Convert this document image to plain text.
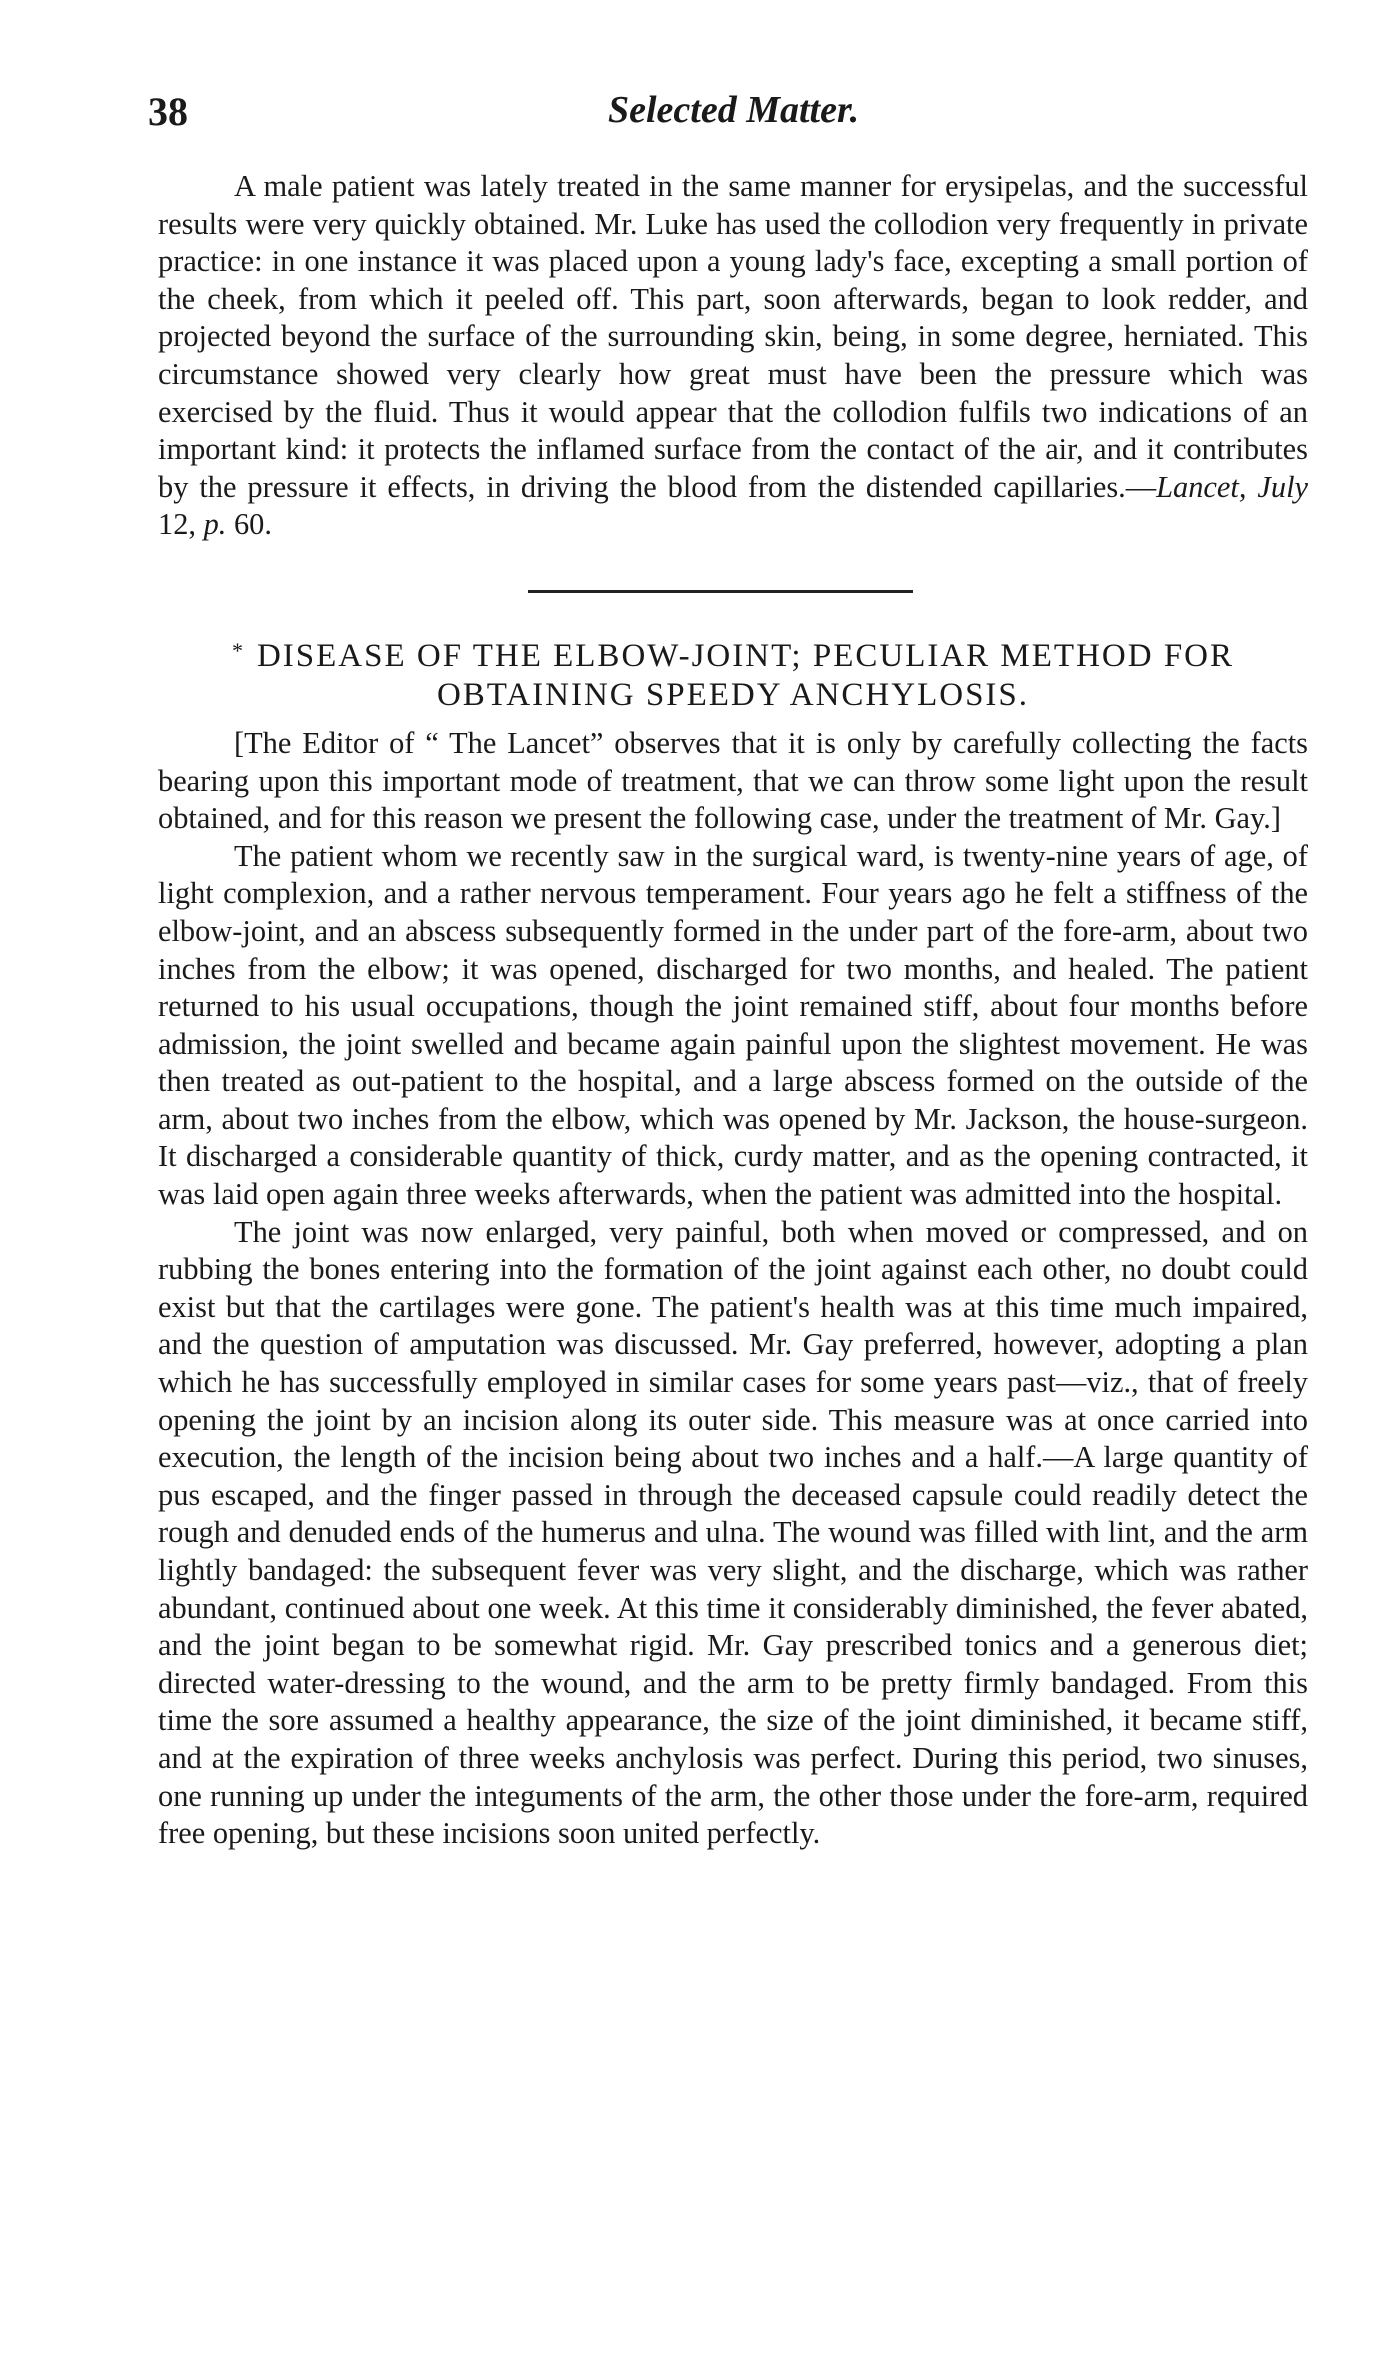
38	Selected Matter.

A male patient was lately treated in the same manner for erysipelas, and the successful results were very quickly obtained. Mr. Luke has used the collodion very frequently in private practice: in one instance it was placed upon a young lady's face, excepting a small portion of the cheek, from which it peeled off. This part, soon afterwards, began to look redder, and projected beyond the surface of the surrounding skin, being, in some degree, herniated. This circumstance showed very clearly how great must have been the pressure which was exercised by the fluid. Thus it would appear that the collodion fulfils two indications of an important kind: it protects the inflamed surface from the contact of the air, and it contributes by the pressure it effects, in driving the blood from the distended capillaries.—Lancet, July 12, p. 60.

* DISEASE OF THE ELBOW-JOINT; PECULIAR METHOD FOR OBTAINING SPEEDY ANCHYLOSIS.

[The Editor of “ The Lancet” observes that it is only by carefully collecting the facts bearing upon this important mode of treatment, that we can throw some light upon the result obtained, and for this reason we present the following case, under the treatment of Mr. Gay.]

The patient whom we recently saw in the surgical ward, is twenty-nine years of age, of light complexion, and a rather nervous temperament. Four years ago he felt a stiffness of the elbow-joint, and an abscess subsequently formed in the under part of the fore-arm, about two inches from the elbow; it was opened, discharged for two months, and healed. The patient returned to his usual occupations, though the joint remained stiff, about four months before admission, the joint swelled and became again painful upon the slightest movement. He was then treated as out-patient to the hospital, and a large abscess formed on the outside of the arm, about two inches from the elbow, which was opened by Mr. Jackson, the house-surgeon. It discharged a considerable quantity of thick, curdy matter, and as the opening contracted, it was laid open again three weeks afterwards, when the patient was admitted into the hospital.

The joint was now enlarged, very painful, both when moved or compressed, and on rubbing the bones entering into the formation of the joint against each other, no doubt could exist but that the cartilages were gone. The patient's health was at this time much impaired, and the question of amputation was discussed. Mr. Gay preferred, however, adopting a plan which he has successfully employed in similar cases for some years past—viz., that of freely opening the joint by an incision along its outer side. This measure was at once carried into execution, the length of the incision being about two inches and a half.—A large quantity of pus escaped, and the finger passed in through the deceased capsule could readily detect the rough and denuded ends of the humerus and ulna. The wound was filled with lint, and the arm lightly bandaged: the subsequent fever was very slight, and the discharge, which was rather abundant, continued about one week. At this time it considerably diminished, the fever abated, and the joint began to be somewhat rigid. Mr. Gay prescribed tonics and a generous diet; directed water-dressing to the wound, and the arm to be pretty firmly bandaged. From this time the sore assumed a healthy appearance, the size of the joint diminished, it became stiff, and at the expiration of three weeks anchylosis was perfect. During this period, two sinuses, one running up under the integuments of the arm, the other those under the fore-arm, required free opening, but these incisions soon united perfectly.
